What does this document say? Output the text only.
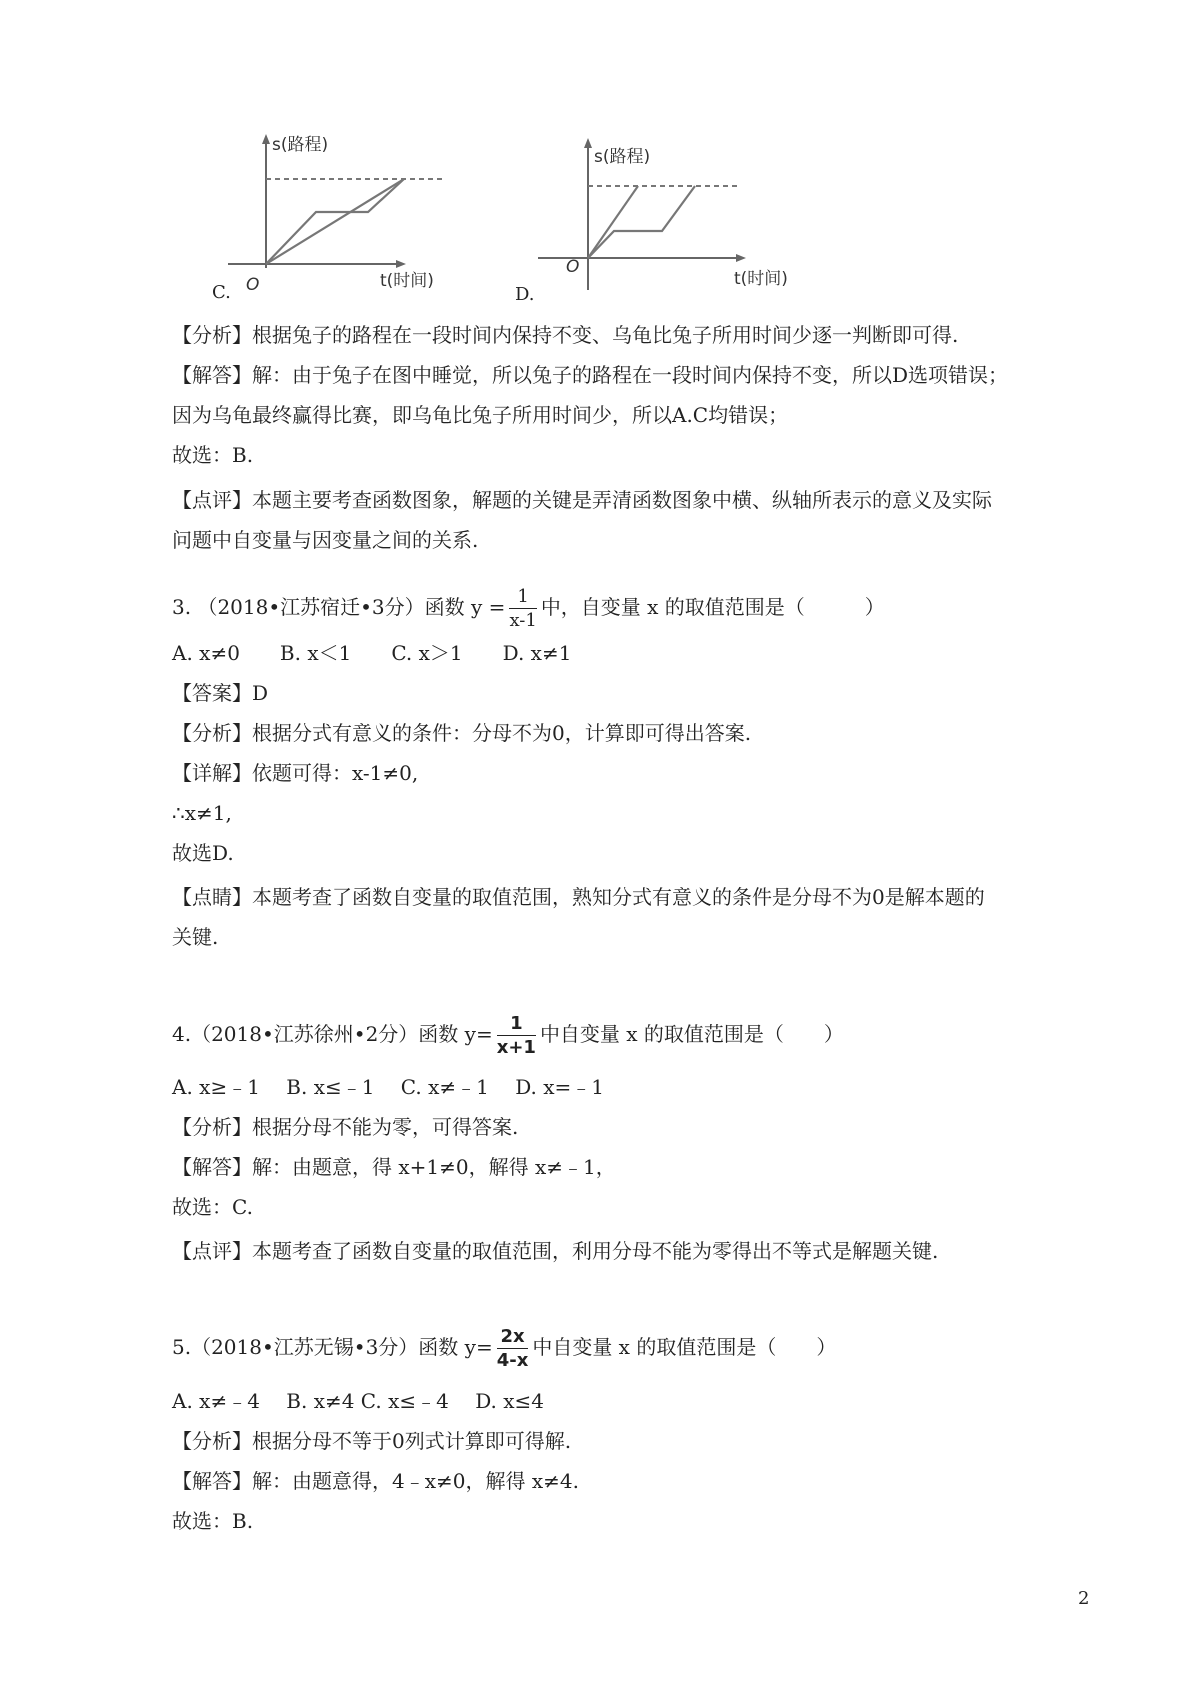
C.
s(路程)
t(时间)
O	D.
s(路程)
t(时间)
O
【分析】根据兔子的路程在一段时间内保持不变、乌龟比兔子所用时间少逐一判断即可得.
【解答】解：由于兔子在图中睡觉，所以兔子的路程在一段时间内保持不变，所以D选项错误；
因为乌龟最终赢得比赛，即乌龟比兔子所用时间少，所以A.C均错误；
故选：B.
【点评】本题主要考查函数图象，解题的关键是弄清函数图象中横、纵轴所表示的意义及实际
问题中自变量与因变量之间的关系.
3. （2018•江苏宿迁•3分）函数 $y = \frac{1}{x-1}$ 中，自变量 x 的取值范围是（　　　）
A. x≠0　　B. x＜1　　C. x＞1　　D. x≠1
【答案】D
【分析】根据分式有意义的条件：分母不为0，计算即可得出答案.
【详解】依题可得：x-1≠0,
∴x≠1,
故选D.
【点睛】本题考查了函数自变量的取值范围，熟知分式有意义的条件是分母不为0是解本题的
关键.
4.（2018•江苏徐州•2分）函数 $y= \frac{1}{x+1}$ 中自变量 x 的取值范围是（　　）
A. x≥﹣1　 B. x≤﹣1　 C. x≠﹣1　 D. x=﹣1
【分析】根据分母不能为零，可得答案.
【解答】解：由题意，得 x+1≠0，解得 x≠﹣1，
故选：C.
【点评】本题考查了函数自变量的取值范围，利用分母不能为零得出不等式是解题关键.
5.（2018•江苏无锡•3分）函数 $y= \frac{2x}{4-x}$ 中自变量 x 的取值范围是（　　）
A. x≠﹣4　 B. x≠4 C. x≤﹣4　 D. x≤4
【分析】根据分母不等于0列式计算即可得解.
【解答】解：由题意得，4﹣x≠0，解得 x≠4.
故选：B.
2
